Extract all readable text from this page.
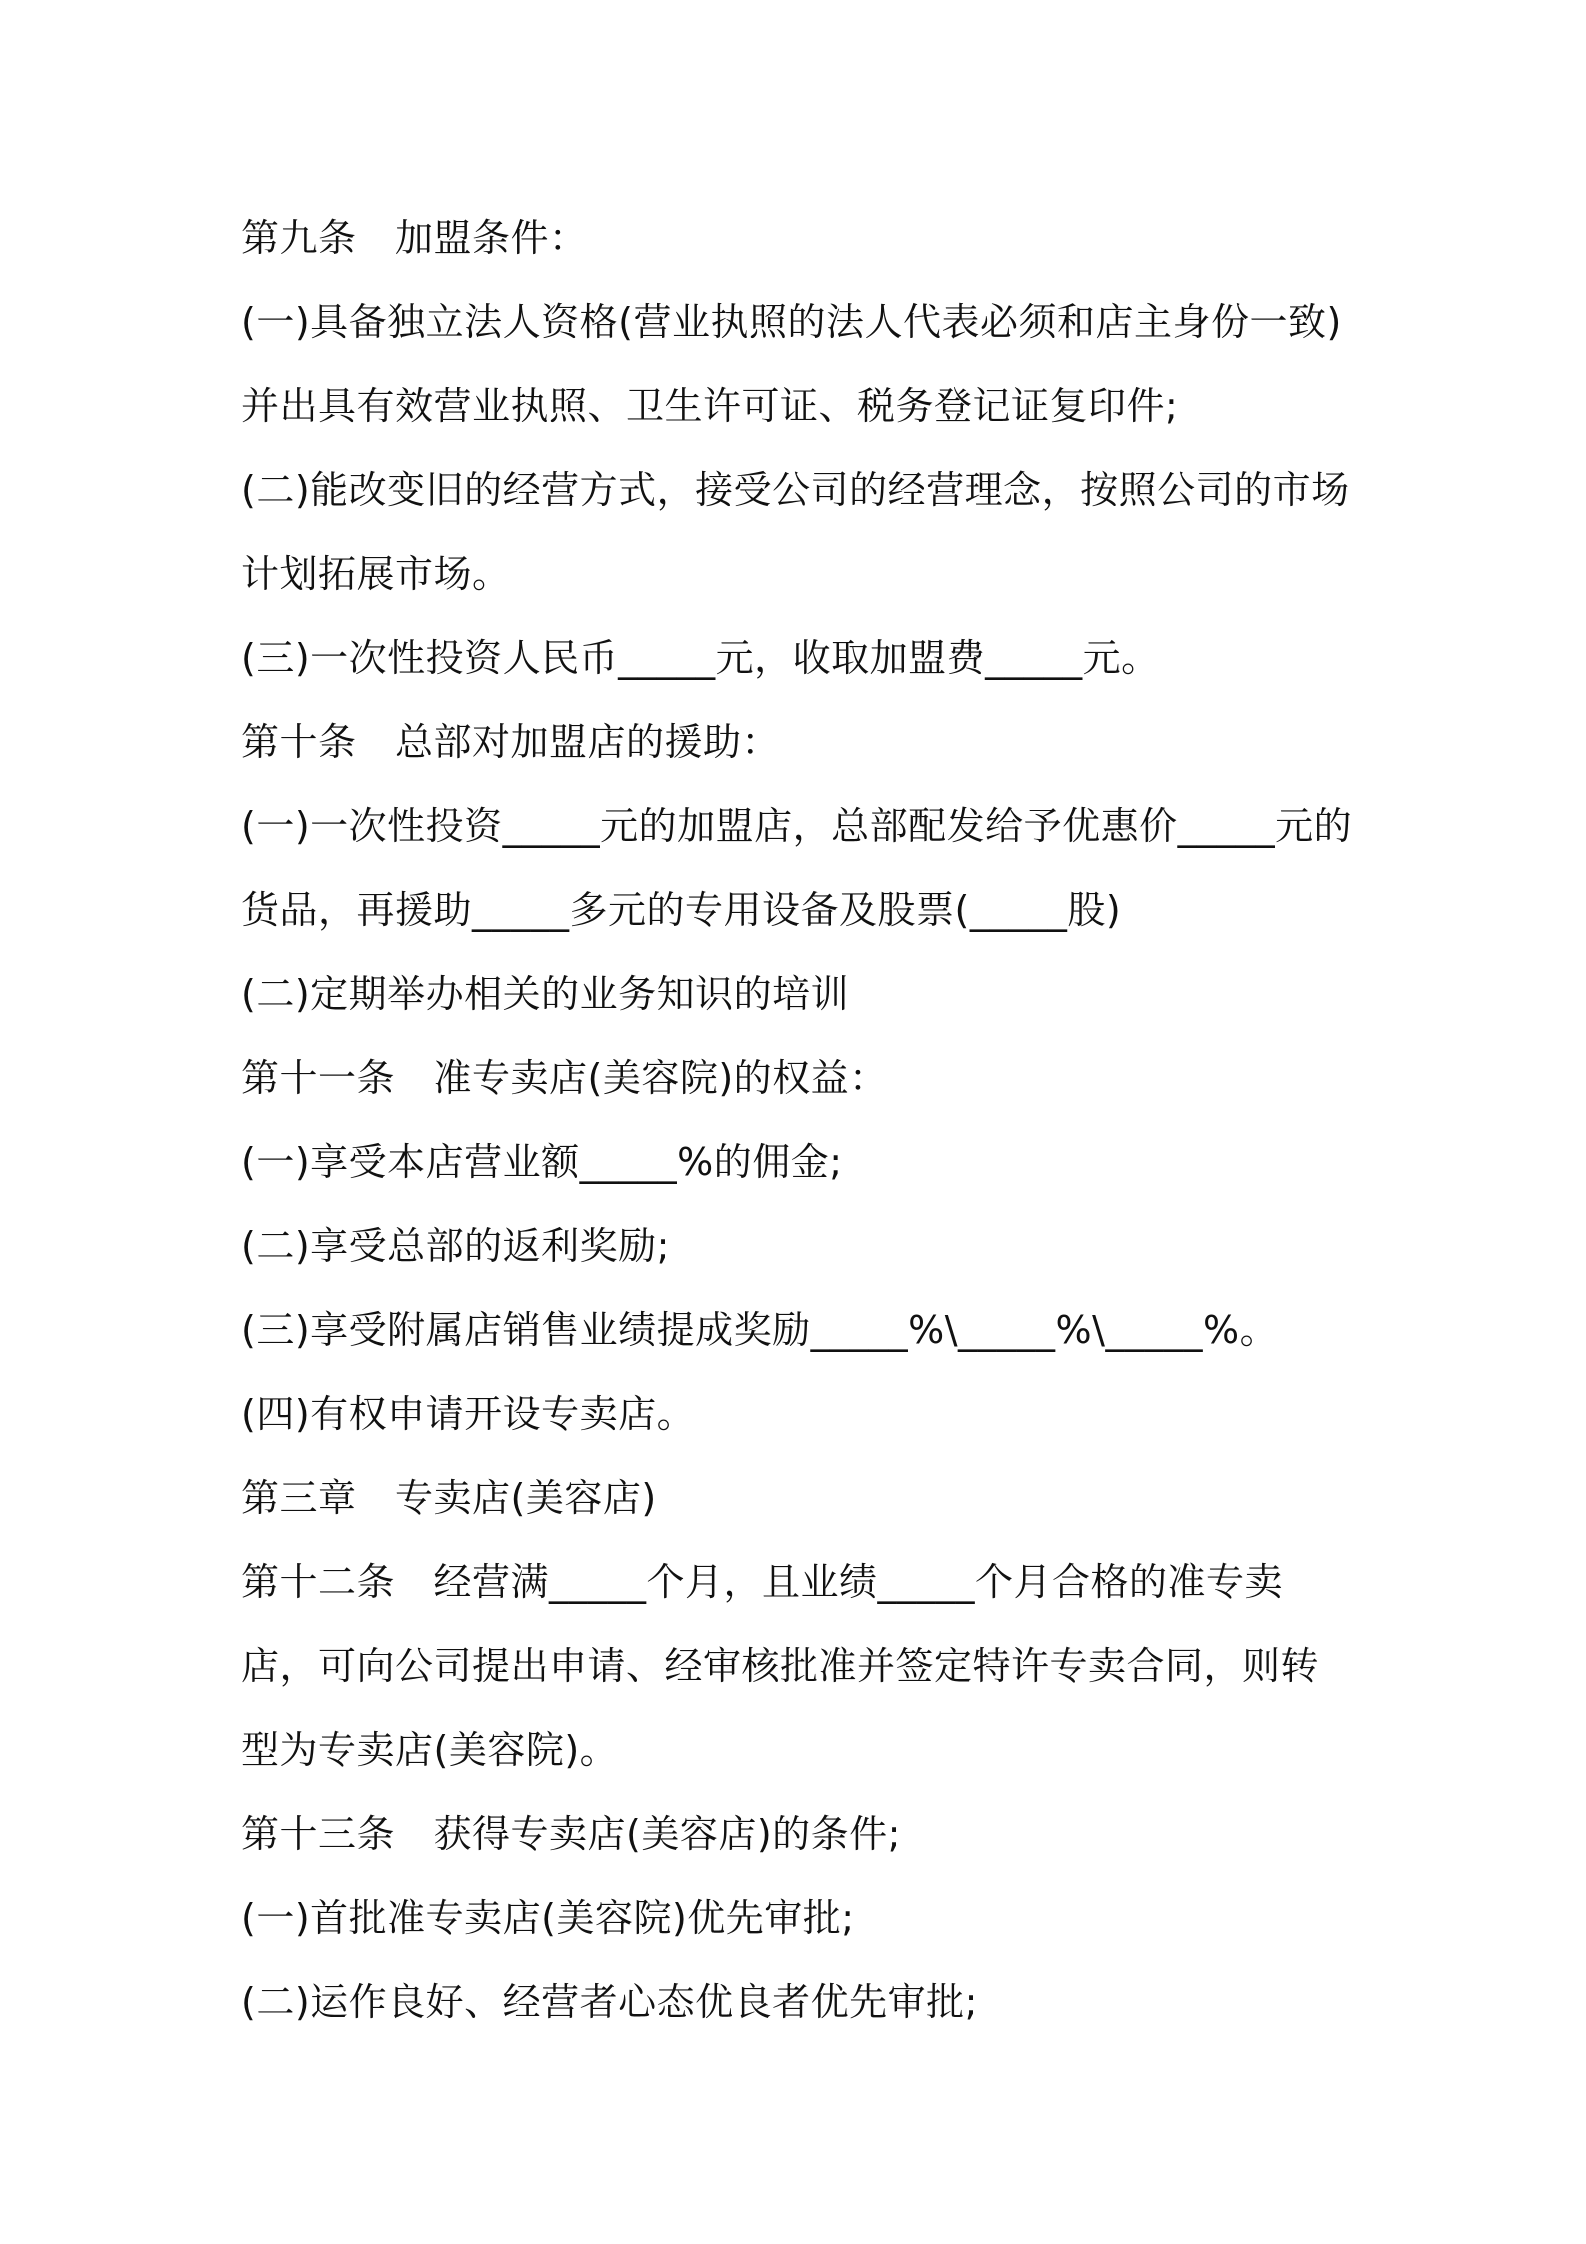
第九条　加盟条件：

(一)具备独立法人资格(营业执照的法人代表必须和店主身份一致)并出具有效营业执照、卫生许可证、税务登记证复印件;

(二)能改变旧的经营方式，接受公司的经营理念，按照公司的市场计划拓展市场。

(三)一次性投资人民币_____元，收取加盟费_____元。

第十条　总部对加盟店的援助：

(一)一次性投资_____元的加盟店，总部配发给予优惠价_____元的货品，再援助_____多元的专用设备及股票(_____股)

(二)定期举办相关的业务知识的培训

第十一条　准专卖店(美容院)的权益：

(一)享受本店营业额_____%的佣金;

(二)享受总部的返利奖励;

(三)享受附属店销售业绩提成奖励_____%\_____%\_____%。

(四)有权申请开设专卖店。

第三章　专卖店(美容店)

第十二条　经营满_____个月，且业绩_____个月合格的准专卖店，可向公司提出申请、经审核批准并签定特许专卖合同，则转型为专卖店(美容院)。

第十三条　获得专卖店(美容店)的条件;

(一)首批准专卖店(美容院)优先审批;

(二)运作良好、经营者心态优良者优先审批;
